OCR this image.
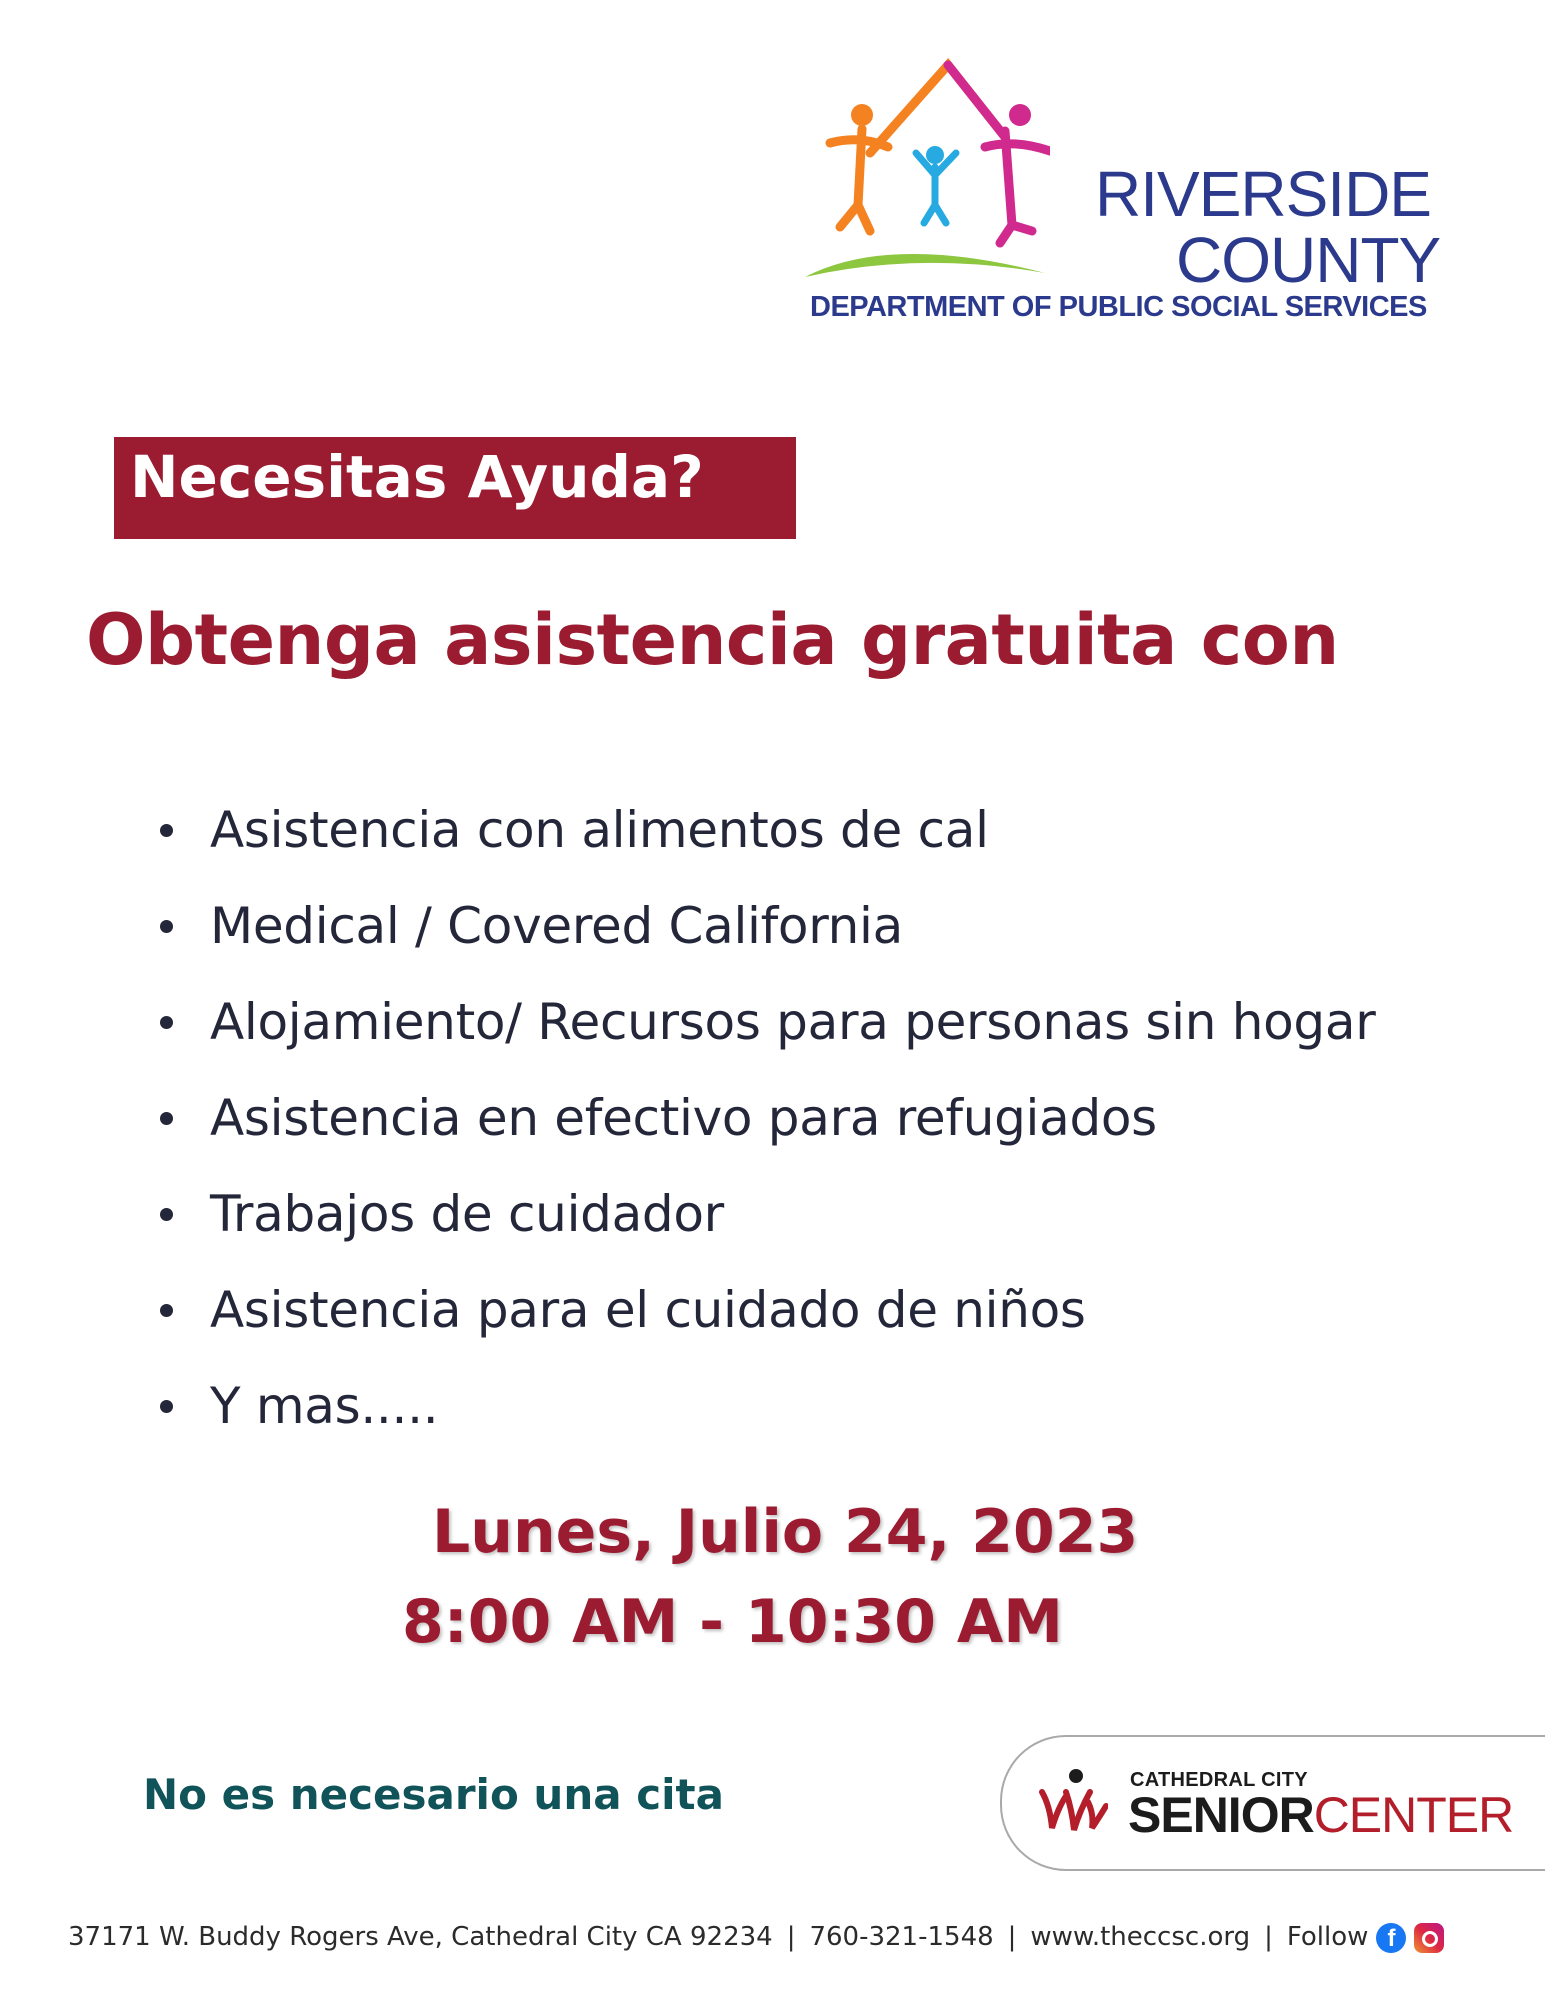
RIVERSIDE
COUNTY
DEPARTMENT OF PUBLIC SOCIAL SERVICES
Necesitas Ayuda?
Obtenga asistencia gratuita con
Asistencia con alimentos de cal
Medical / Covered California
Alojamiento/ Recursos para personas sin hogar
Asistencia en efectivo para refugiados
Trabajos de cuidador
Asistencia para el cuidado de niños
Y mas.....
Lunes, Julio 24, 2023
8:00 AM - 10:30 AM
No es necesario una cita	CATHEDRAL CITY
SENIORCENTER
37171 W. Buddy Rogers Ave, Cathedral City CA 92234 | 760-321-1548 | www.theccsc.org | Follow f
